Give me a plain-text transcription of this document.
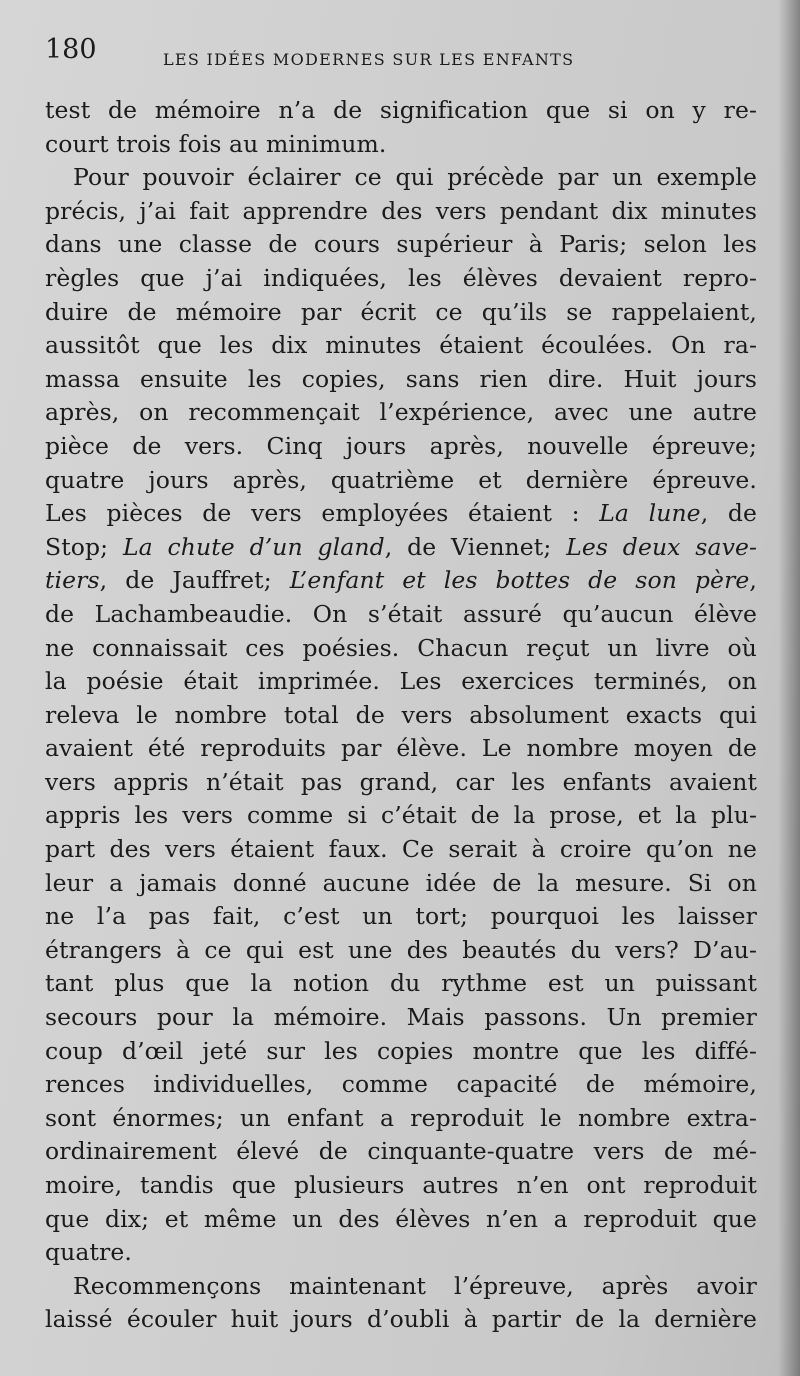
180	LES IDÉES MODERNES SUR LES ENFANTS
test de mémoire n’a de signification que si on y re-
court trois fois au minimum.
Pour pouvoir éclairer ce qui précède par un exemple
précis, j’ai fait apprendre des vers pendant dix minutes
dans une classe de cours supérieur à Paris; selon les
règles que j’ai indiquées, les élèves devaient repro-
duire de mémoire par écrit ce qu’ils se rappelaient,
aussitôt que les dix minutes étaient écoulées. On ra-
massa ensuite les copies, sans rien dire. Huit jours
après, on recommençait l’expérience, avec une autre
pièce de vers. Cinq jours après, nouvelle épreuve;
quatre jours après, quatrième et dernière épreuve.
Les pièces de vers employées étaient : La lune, de
Stop; La chute d’un gland, de Viennet; Les deux save-
tiers, de Jauffret; L’enfant et les bottes de son père,
de Lachambeaudie. On s’était assuré qu’aucun élève
ne connaissait ces poésies. Chacun reçut un livre où
la poésie était imprimée. Les exercices terminés, on
releva le nombre total de vers absolument exacts qui
avaient été reproduits par élève. Le nombre moyen de
vers appris n’était pas grand, car les enfants avaient
appris les vers comme si c’était de la prose, et la plu-
part des vers étaient faux. Ce serait à croire qu’on ne
leur a jamais donné aucune idée de la mesure. Si on
ne l’a pas fait, c’est un tort; pourquoi les laisser
étrangers à ce qui est une des beautés du vers? D’au-
tant plus que la notion du rythme est un puissant
secours pour la mémoire. Mais passons. Un premier
coup d’œil jeté sur les copies montre que les diffé-
rences individuelles, comme capacité de mémoire,
sont énormes; un enfant a reproduit le nombre extra-
ordinairement élevé de cinquante-quatre vers de mé-
moire, tandis que plusieurs autres n’en ont reproduit
que dix; et même un des élèves n’en a reproduit que
quatre.
Recommençons maintenant l’épreuve, après avoir
laissé écouler huit jours d’oubli à partir de la dernière
